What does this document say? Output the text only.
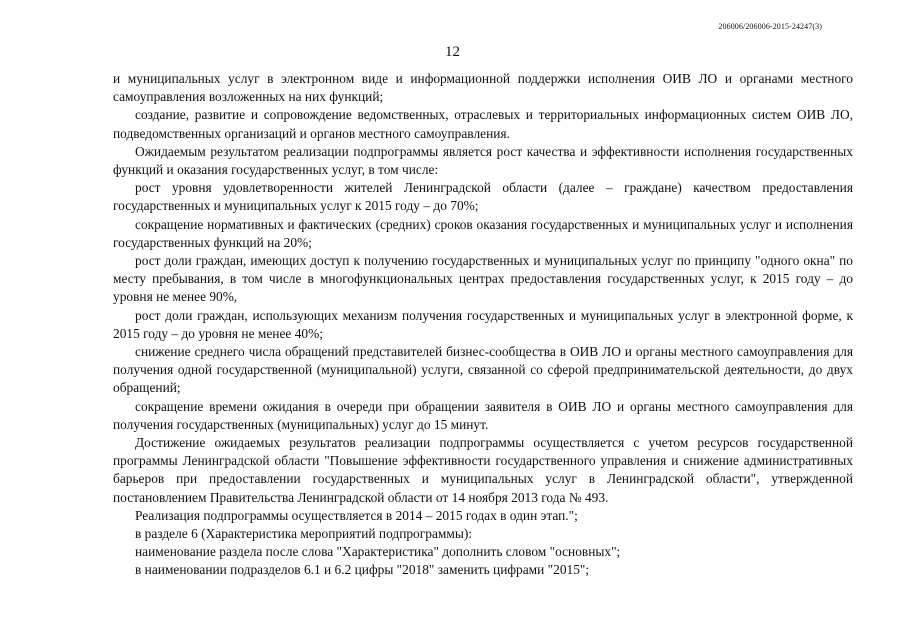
206006/206006-2015-24247(3)
12

и муниципальных услуг в электронном виде и информационной поддержки исполнения ОИВ ЛО и органами местного самоуправления возложенных на них функций;

создание, развитие и сопровождение ведомственных, отраслевых и территориальных информационных систем ОИВ ЛО, подведомственных организаций и органов местного самоуправления.

Ожидаемым результатом реализации подпрограммы является рост качества и эффективности исполнения государственных функций и оказания государственных услуг, в том числе:

рост уровня удовлетворенности жителей Ленинградской области (далее – граждане) качеством предоставления государственных и муниципальных услуг к 2015 году – до 70%;

сокращение нормативных и фактических (средних) сроков оказания государственных и муниципальных услуг и исполнения государственных функций на 20%;

рост доли граждан, имеющих доступ к получению государственных и муниципальных услуг по принципу "одного окна" по месту пребывания, в том числе в многофункциональных центрах предоставления государственных услуг, к 2015 году – до уровня не менее 90%,

рост доли граждан, использующих механизм получения государственных и муниципальных услуг в электронной форме, к 2015 году – до уровня не менее 40%;

снижение среднего числа обращений представителей бизнес-сообщества в ОИВ ЛО и органы местного самоуправления для получения одной государственной (муниципальной) услуги, связанной со сферой предпринимательской деятельности, до двух обращений;

сокращение времени ожидания в очереди при обращении заявителя в ОИВ ЛО и органы местного самоуправления для получения государственных (муниципальных) услуг до 15 минут.

Достижение ожидаемых результатов реализации подпрограммы осуществляется с учетом ресурсов государственной программы Ленинградской области "Повышение эффективности государственного управления и снижение административных барьеров при предоставлении государственных и муниципальных услуг в Ленинградской области", утвержденной постановлением Правительства Ленинградской области от 14 ноября 2013 года № 493.

Реализация подпрограммы осуществляется в 2014 – 2015 годах в один этап.";

в разделе 6 (Характеристика мероприятий подпрограммы):

наименование раздела после слова "Характеристика" дополнить словом "основных";

в наименовании подразделов 6.1 и 6.2 цифры "2018" заменить цифрами "2015";
